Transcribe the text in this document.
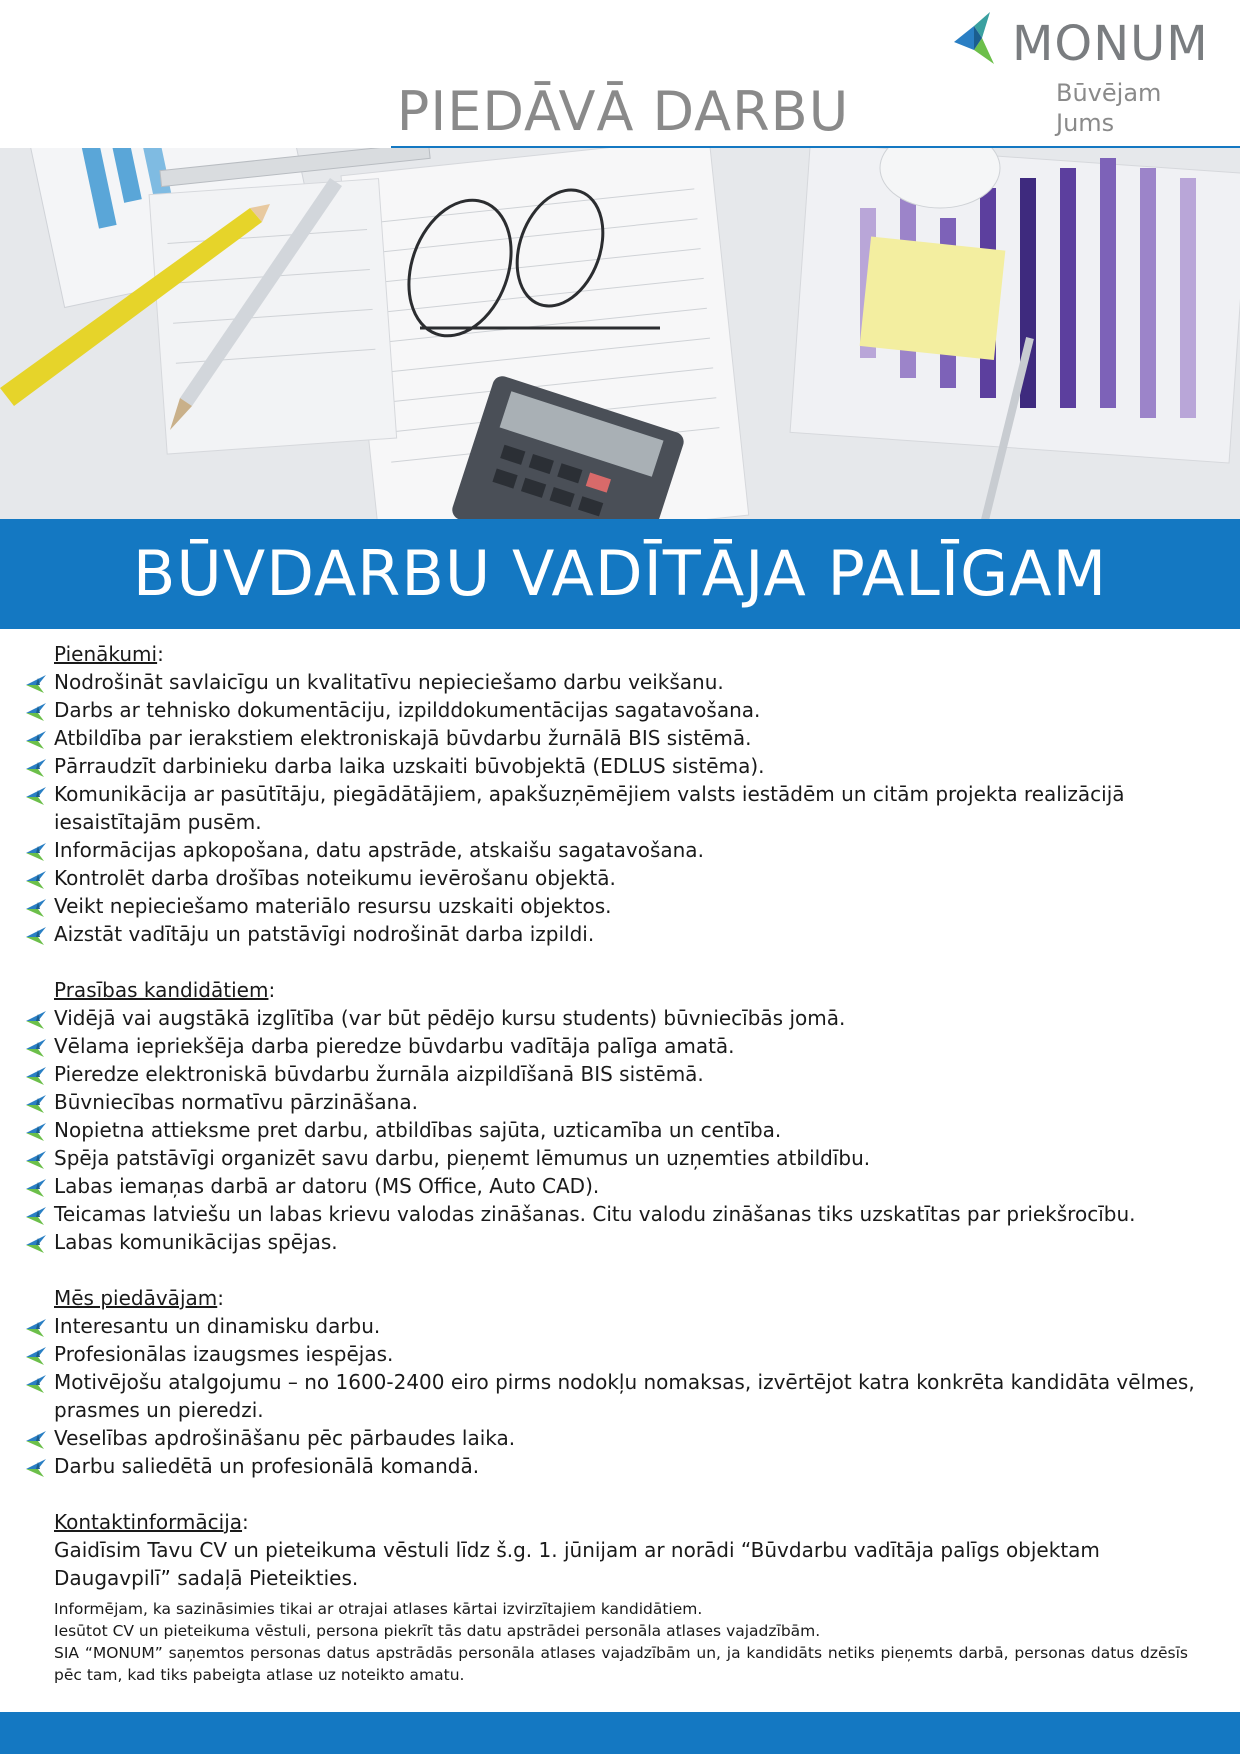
PIEDĀVĀ DARBU
MONUM
Būvējam Jums
BŪVDARBU VADĪTĀJA PALĪGAM
Pienākumi:
Nodrošināt savlaicīgu un kvalitatīvu nepieciešamo darbu veikšanu.
Darbs ar tehnisko dokumentāciju, izpilddokumentācijas sagatavošana.
Atbildība par ierakstiem elektroniskajā būvdarbu žurnālā BIS sistēmā.
Pārraudzīt darbinieku darba laika uzskaiti būvobjektā (EDLUS sistēma).
Komunikācija ar pasūtītāju, piegādātājiem, apakšuzņēmējiem valsts iestādēm un citām projekta realizācijā iesaistītajām pusēm.
Informācijas apkopošana, datu apstrāde, atskaišu sagatavošana.
Kontrolēt darba drošības noteikumu ievērošanu objektā.
Veikt nepieciešamo materiālo resursu uzskaiti objektos.
Aizstāt vadītāju un patstāvīgi nodrošināt darba izpildi.
Prasības kandidātiem:
Vidējā vai augstākā izglītība (var būt pēdējo kursu students) būvniecībās jomā.
Vēlama iepriekšēja darba pieredze būvdarbu vadītāja palīga amatā.
Pieredze elektroniskā būvdarbu žurnāla aizpildīšanā BIS sistēmā.
Būvniecības normatīvu pārzināšana.
Nopietna attieksme pret darbu, atbildības sajūta, uzticamība un centība.
Spēja patstāvīgi organizēt savu darbu, pieņemt lēmumus un uzņemties atbildību.
Labas iemaņas darbā ar datoru (MS Office, Auto CAD).
Teicamas latviešu un labas krievu valodas zināšanas. Citu valodu zināšanas tiks uzskatītas par priekšrocību.
Labas komunikācijas spējas.
Mēs piedāvājam:
Interesantu un dinamisku darbu.
Profesionālas izaugsmes iespējas.
Motivējošu atalgojumu – no 1600-2400 eiro pirms nodokļu nomaksas, izvērtējot katra konkrēta kandidāta vēlmes, prasmes un pieredzi.
Veselības apdrošināšanu pēc pārbaudes laika.
Darbu saliedētā un profesionālā komandā.
Kontaktinformācija:
Gaidīsim Tavu CV un pieteikuma vēstuli līdz š.g. 1. jūnijam ar norādi “Būvdarbu vadītāja palīgs objektam Daugavpilī” sadaļā Pieteikties.

Informējam, ka sazināsimies tikai ar otrajai atlases kārtai izvirzītajiem kandidātiem.

Iesūtot CV un pieteikuma vēstuli, persona piekrīt tās datu apstrādei personāla atlases vajadzībām.

SIA “MONUM” saņemtos personas datus apstrādās personāla atlases vajadzībām un, ja kandidāts netiks pieņemts darbā, personas datus dzēsīs pēc tam, kad tiks pabeigta atlase uz noteikto amatu.
